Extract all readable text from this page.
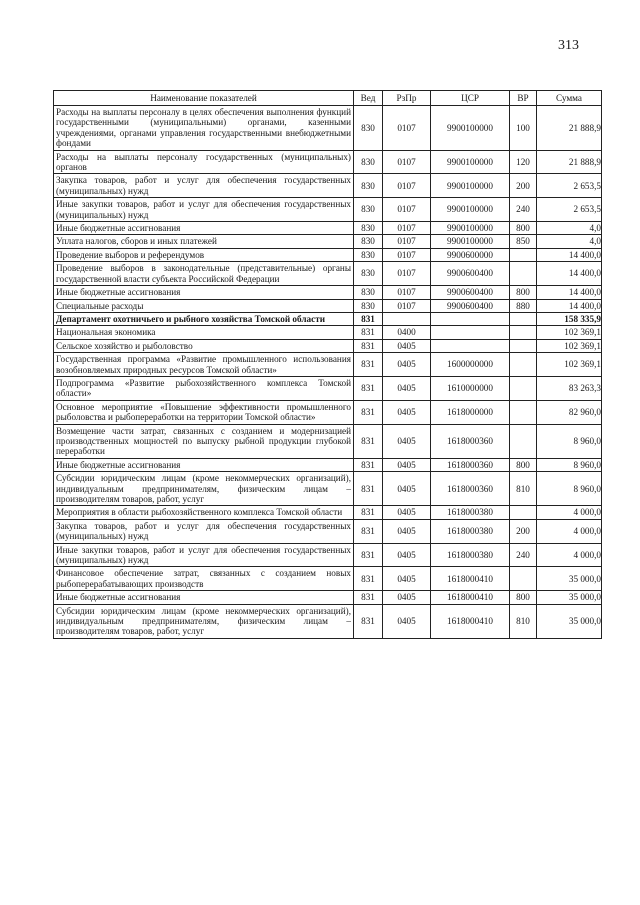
313
Наименование показателей	Вед	РзПр	ЦСР	ВР	Сумма
Расходы на выплаты персоналу в целях обеспечения выполнения функций государственными (муниципальными) органами, казенными учреждениями, органами управления государственными внебюджетными фондами	830	0107	9900100000	100	21 888,9
Расходы на выплаты персоналу государственных (муниципальных) органов	830	0107	9900100000	120	21 888,9
Закупка товаров, работ и услуг для обеспечения государственных (муниципальных) нужд	830	0107	9900100000	200	2 653,5
Иные закупки товаров, работ и услуг для обеспечения государственных (муниципальных) нужд	830	0107	9900100000	240	2 653,5
Иные бюджетные ассигнования	830	0107	9900100000	800	4,0
Уплата налогов, сборов и иных платежей	830	0107	9900100000	850	4,0
Проведение выборов и референдумов	830	0107	9900600000		14 400,0
Проведение выборов в законодательные (представительные) органы государственной власти субъекта Российской Федерации	830	0107	9900600400		14 400,0
Иные бюджетные ассигнования	830	0107	9900600400	800	14 400,0
Специальные расходы	830	0107	9900600400	880	14 400,0
Департамент охотничьего и рыбного хозяйства Томской области	831				158 335,9
Национальная экономика	831	0400			102 369,1
Сельское хозяйство и рыболовство	831	0405			102 369,1
Государственная программа «Развитие промышленного использования возобновляемых природных ресурсов Томской области»	831	0405	1600000000		102 369,1
Подпрограмма «Развитие рыбохозяйственного комплекса Томской области»	831	0405	1610000000		83 263,3
Основное мероприятие «Повышение эффективности промышленного рыболовства и рыбопереработки на территории Томской области»	831	0405	1618000000		82 960,0
Возмещение части затрат, связанных с созданием и модернизацией производственных мощностей по выпуску рыбной продукции глубокой переработки	831	0405	1618000360		8 960,0
Иные бюджетные ассигнования	831	0405	1618000360	800	8 960,0
Субсидии юридическим лицам (кроме некоммерческих организаций), индивидуальным предпринимателям, физическим лицам – производителям товаров, работ, услуг	831	0405	1618000360	810	8 960,0
Мероприятия в области рыбохозяйственного комплекса Томской области	831	0405	1618000380		4 000,0
Закупка товаров, работ и услуг для обеспечения государственных (муниципальных) нужд	831	0405	1618000380	200	4 000,0
Иные закупки товаров, работ и услуг для обеспечения государственных (муниципальных) нужд	831	0405	1618000380	240	4 000,0
Финансовое обеспечение затрат, связанных с созданием новых рыбоперерабатывающих производств	831	0405	1618000410		35 000,0
Иные бюджетные ассигнования	831	0405	1618000410	800	35 000,0
Субсидии юридическим лицам (кроме некоммерческих организаций), индивидуальным предпринимателям, физическим лицам – производителям товаров, работ, услуг	831	0405	1618000410	810	35 000,0
